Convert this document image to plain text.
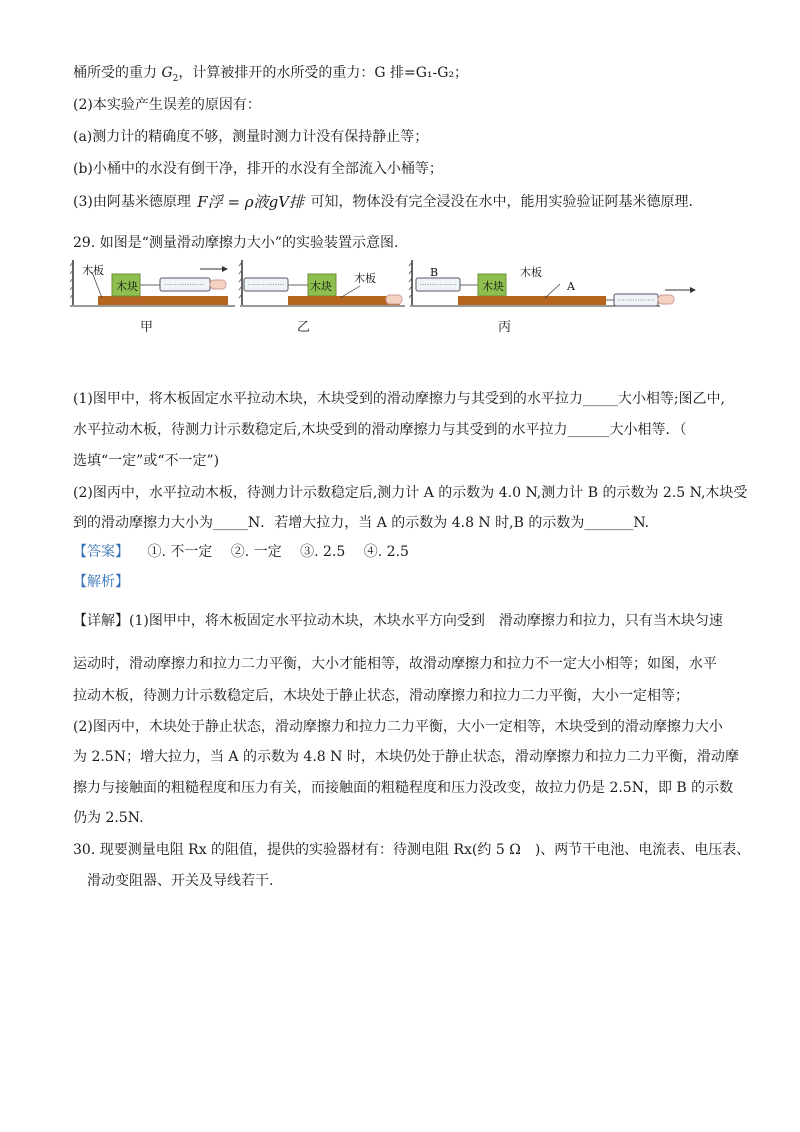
桶所受的重力 $G_2$，计算被排开的水所受的重力：G 排=G₁-G₂；
(2)本实验产生误差的原因有：
(a)测力计的精确度不够，测量时测力计没有保持静止等；
(b)小桶中的水没有倒干净，排开的水没有全部流入小桶等；
(3)由阿基米德原理 F浮 = ρ液gV排 可知，物体没有完全浸没在水中，能用实验验证阿基米德原理.
29. 如图是“测量滑动摩擦力大小”的实验装置示意图.
木板
木块
木板
木块
B
木块
木板
A
甲	乙	丙
(1)图甲中，将木板固定水平拉动木块，木块受到的滑动摩擦力与其受到的水平拉力_____大小相等;图乙中,
水平拉动木板，待测力计示数稳定后,木块受到的滑动摩擦力与其受到的水平拉力______大小相等．（
选填“一定”或“不一定”)
(2)图丙中，水平拉动木板，待测力计示数稳定后,测力计 A 的示数为 4.0 N,测力计 B 的示数为 2.5 N,木块受
到的滑动摩擦力大小为_____N．若增大拉力，当 A 的示数为 4.8 N 时,B 的示数为_______N.
【答案】 ①. 不一定　 ②. 一定　 ③. 2.5　 ④. 2.5
【解析】
【详解】(1)图甲中，将木板固定水平拉动木块，木块水平方向受到　滑动摩擦力和拉力，只有当木块匀速
运动时，滑动摩擦力和拉力二力平衡，大小才能相等，故滑动摩擦力和拉力不一定大小相等；如图，水平
拉动木板，待测力计示数稳定后，木块处于静止状态，滑动摩擦力和拉力二力平衡，大小一定相等；
(2)图丙中，木块处于静止状态，滑动摩擦力和拉力二力平衡，大小一定相等，木块受到的滑动摩擦力大小
为 2.5N；增大拉力，当 A 的示数为 4.8 N 时，木块仍处于静止状态，滑动摩擦力和拉力二力平衡，滑动摩
擦力与接触面的粗糙程度和压力有关，而接触面的粗糙程度和压力没改变，故拉力仍是 2.5N，即 B 的示数
仍为 2.5N.
30. 现要测量电阻 Rx 的阻值，提供的实验器材有：待测电阻 Rx(约 5 Ω　)、两节干电池、电流表、电压表、
　滑动变阻器、开关及导线若干.
